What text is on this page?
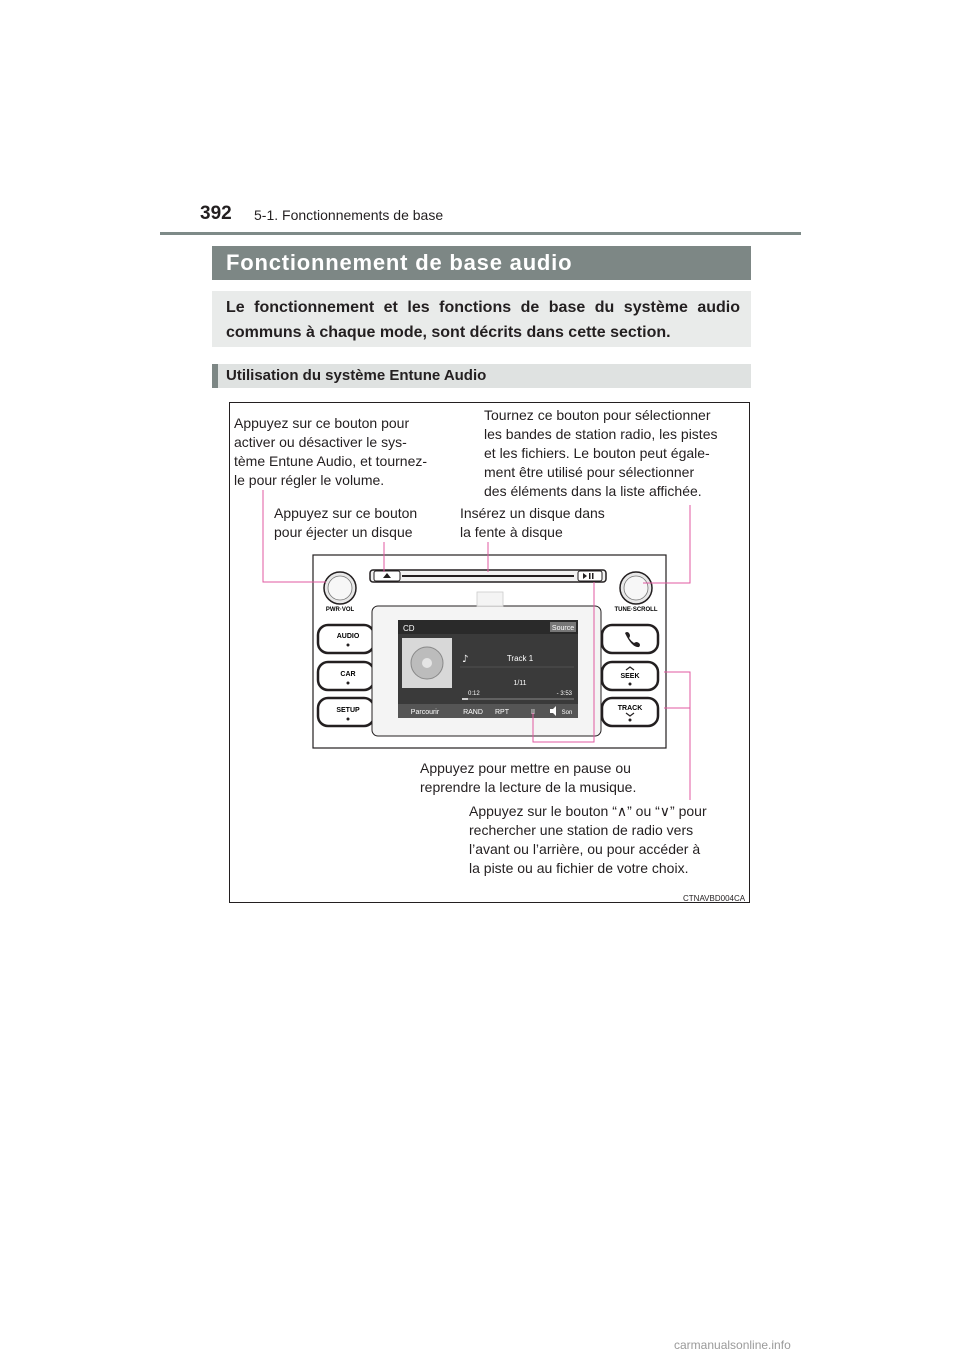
392 5-1. Fonctionnements de base
Fonctionnement de base audio
Le fonctionnement et les fonctions de base du système audio
communs à chaque mode, sont décrits dans cette section.
Utilisation du système Entune Audio
Appuyez sur ce bouton pour
activer ou désactiver le sys-
tème Entune Audio, et tournez-
le pour régler le volume.
Tournez ce bouton pour sélectionner
les bandes de station radio, les pistes
et les fichiers. Le bouton peut égale-
ment être utilisé pour sélectionner
des éléments dans la liste affichée.
Appuyez sur ce bouton
pour éjecter un disque
Insérez un disque dans
la fente à disque
Appuyez pour mettre en pause ou
reprendre la lecture de la musique.
Appuyez sur le bouton “∧” ou “∨” pour
rechercher une station de radio vers
l’avant ou l’arrière, ou pour accéder à
la piste ou au fichier de votre choix.
CTNAVBD004CA
PWR·VOL	TUNE·SCROLL
AUDIO
CAR
SETUP
SEEK
TRACK
CD	Source
♪	Track 1
1/11
0:12	- 3:53
Parcourir	RAND RPT	II	Son
carmanualsonline.info
